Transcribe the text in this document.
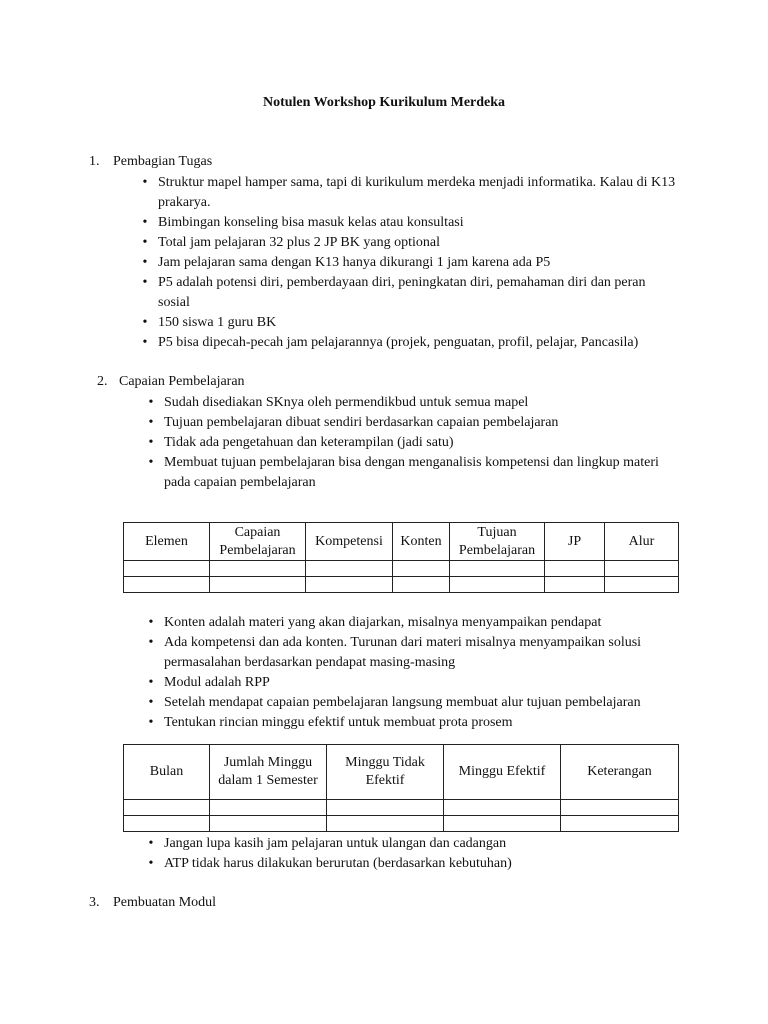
Notulen Workshop Kurikulum Merdeka
1. Pembagian Tugas
• Struktur mapel hamper sama, tapi di kurikulum merdeka menjadi informatika. Kalau di K13 prakarya.
• Bimbingan konseling bisa masuk kelas atau konsultasi
• Total jam pelajaran 32 plus 2 JP BK yang optional
• Jam pelajaran sama dengan K13 hanya dikurangi 1 jam karena ada P5
• P5 adalah potensi diri, pemberdayaan diri, peningkatan diri, pemahaman diri dan peran sosial
• 150 siswa 1 guru BK
• P5 bisa dipecah-pecah jam pelajarannya (projek, penguatan, profil, pelajar, Pancasila)
2. Capaian Pembelajaran
• Sudah disediakan SKnya oleh permendikbud untuk semua mapel
• Tujuan pembelajaran dibuat sendiri berdasarkan capaian pembelajaran
• Tidak ada pengetahuan dan keterampilan (jadi satu)
• Membuat tujuan pembelajaran bisa dengan menganalisis kompetensi dan lingkup materi pada capaian pembelajaran
Elemen	Capaian Pembelajaran	Kompetensi	Konten	Tujuan Pembelajaran	JP	Alur

• Konten adalah materi yang akan diajarkan, misalnya menyampaikan pendapat
• Ada kompetensi dan ada konten. Turunan dari materi misalnya menyampaikan solusi permasalahan berdasarkan pendapat masing-masing
• Modul adalah RPP
• Setelah mendapat capaian pembelajaran langsung membuat alur tujuan pembelajaran
• Tentukan rincian minggu efektif untuk membuat prota prosem
Bulan	Jumlah Minggu dalam 1 Semester	Minggu Tidak Efektif	Minggu Efektif	Keterangan

• Jangan lupa kasih jam pelajaran untuk ulangan dan cadangan
• ATP tidak harus dilakukan berurutan (berdasarkan kebutuhan)
3. Pembuatan Modul
